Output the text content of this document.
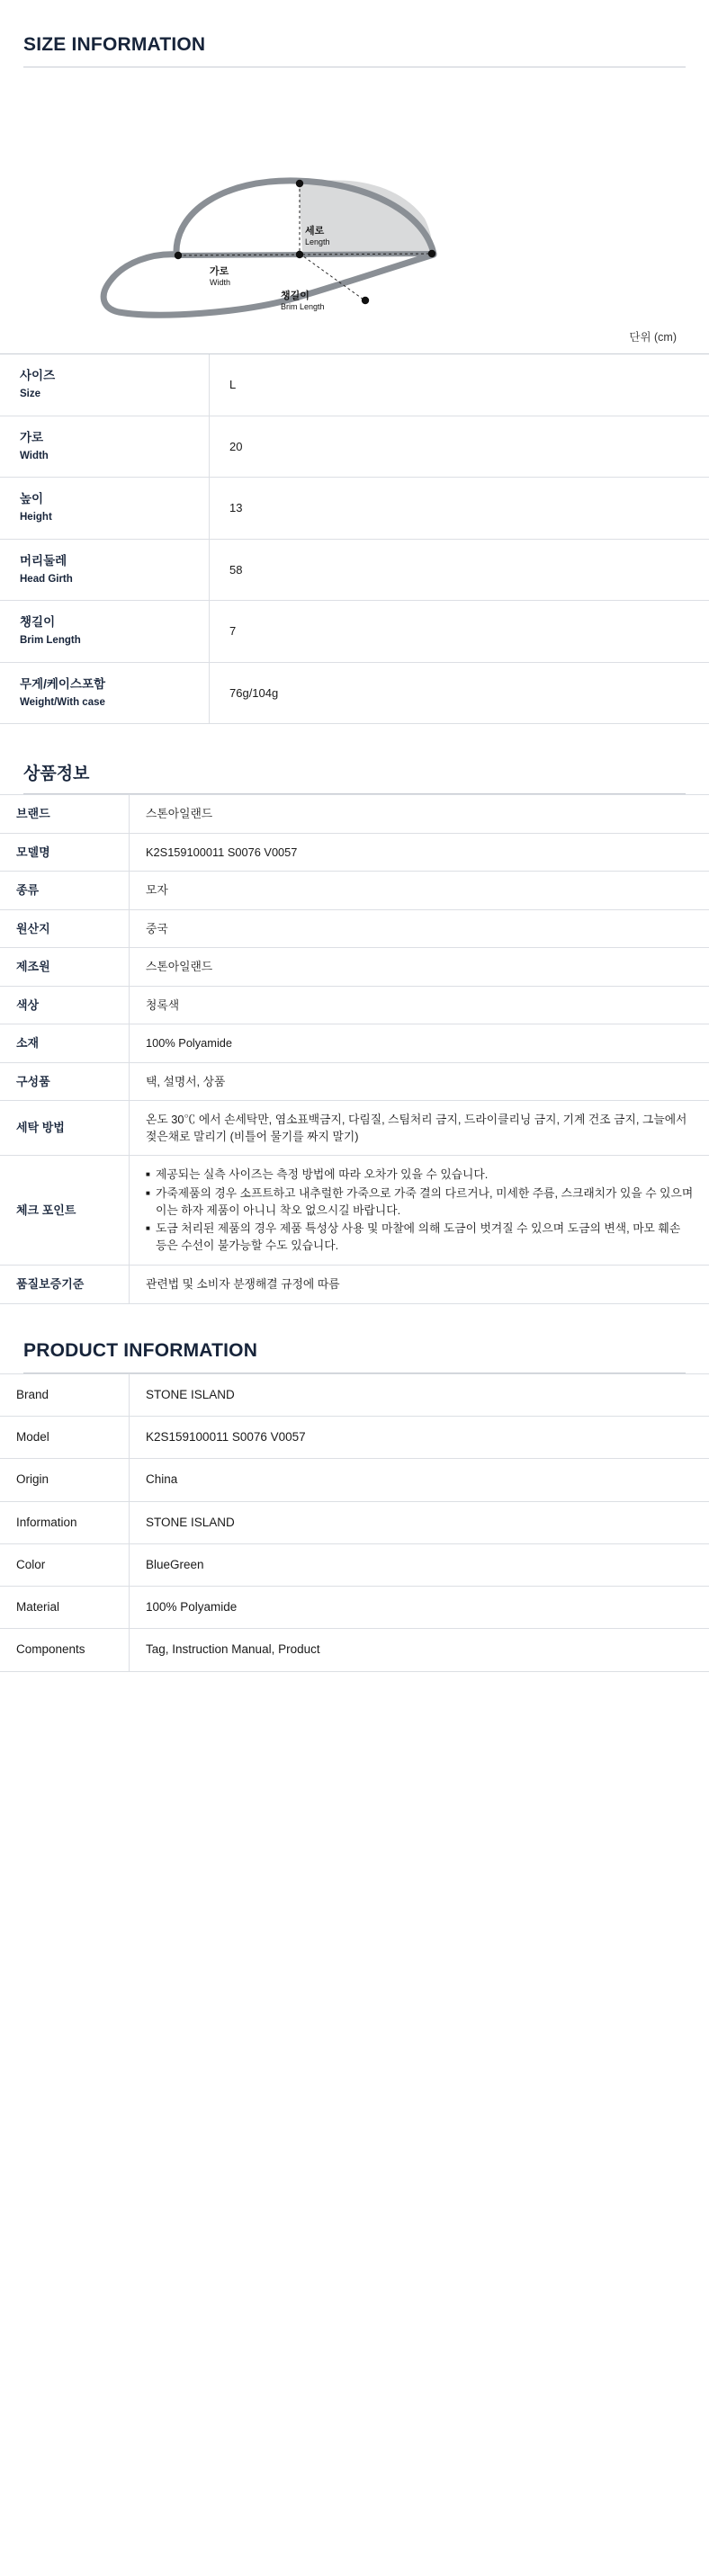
SIZE INFORMATION
세로
Length
가로
Width
챙길이
Brim Length
단위 (cm)
사이즈
Size	L
가로
Width	20
높이
Height	13
머리둘레
Head Girth	58
챙길이
Brim Length	7
무게/케이스포함
Weight/With case	76g/104g
상품정보
브랜드	스톤아일랜드
모델명	K2S159100011 S0076 V0057
종류	모자
원산지	중국
제조원	스톤아일랜드
색상	청록색
소재	100% Polyamide
구성품	택, 설명서, 상품
세탁 방법	온도 30℃ 에서 손세탁만, 염소표백금지, 다림질, 스팀처리 금지, 드라이클리닝 금지, 기계 건조 금지, 그늘에서 젖은채로 말리기 (비틀어 물기를 짜지 말기)
체크 포인트	■ 제공되는 실측 사이즈는 측정 방법에 따라 오차가 있을 수 있습니다.
■ 가죽제품의 경우 소프트하고 내추럴한 가죽으로 가죽 결의 다르거나, 미세한 주름, 스크래치가 있을 수 있으며 이는 하자 제품이 아니니 착오 없으시길 바랍니다.
■ 도금 처리된 제품의 경우 제품 특성상 사용 및 마찰에 의해 도금이 벗겨질 수 있으며 도금의 변색, 마모 훼손 등은 수선이 불가능할 수도 있습니다.

품질보증기준	관련법 및 소비자 분쟁해결 규정에 따름
PRODUCT INFORMATION
Brand	STONE ISLAND
Model	K2S159100011 S0076 V0057
Origin	China
Information	STONE ISLAND
Color	BlueGreen
Material	100% Polyamide
Components	Tag, Instruction Manual, Product
